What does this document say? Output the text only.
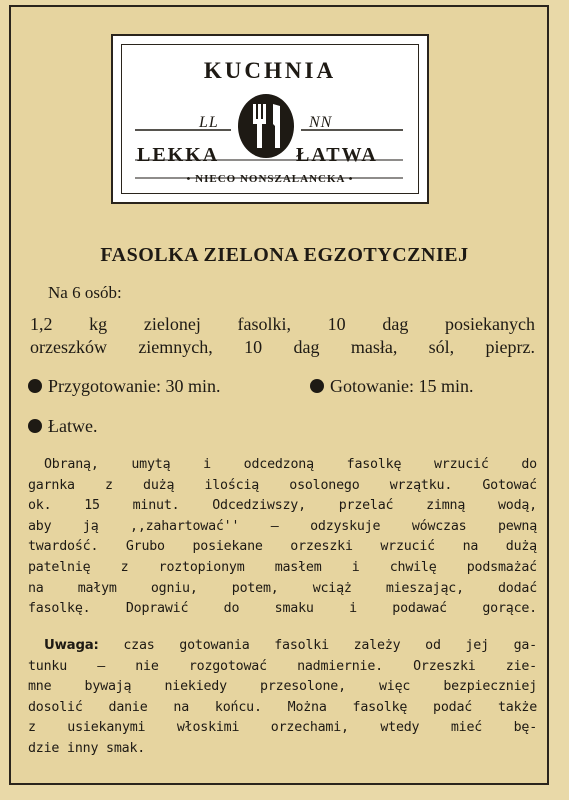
KUCHNIA
LL	NN
LEKKA	ŁATWA
• NIECO NONSZALANCKA •
FASOLKA ZIELONA EGZOTYCZNIEJ
Na 6 osób:
1,2 kg zielonej fasolki, 10 dag posiekanych
orzeszków ziemnych, 10 dag masła, sól, pieprz.
Przygotowanie: 30 min.	Gotowanie: 15 min.
Łatwe.
Obraną, umytą i odcedzoną fasolkę wrzucić do
garnka z dużą ilością osolonego wrzątku. Gotować
ok. 15 minut. Odcedziwszy, przelać zimną wodą,
aby ją ,,zahartować'' — odzyskuje wówczas pewną
twardość. Grubo posiekane orzeszki wrzucić na dużą
patelnię z roztopionym masłem i chwilę podsmażać
na małym ogniu, potem, wciąż mieszając, dodać
fasolkę. Doprawić do smaku i podawać gorące.
Uwaga: czas gotowania fasolki zależy od jej ga-
tunku — nie rozgotować nadmiernie. Orzeszki zie-
mne bywają niekiedy przesolone, więc bezpieczniej
dosolić danie na końcu. Można fasolkę podać także
z usiekanymi włoskimi orzechami, wtedy mieć bę-
dzie inny smak.
